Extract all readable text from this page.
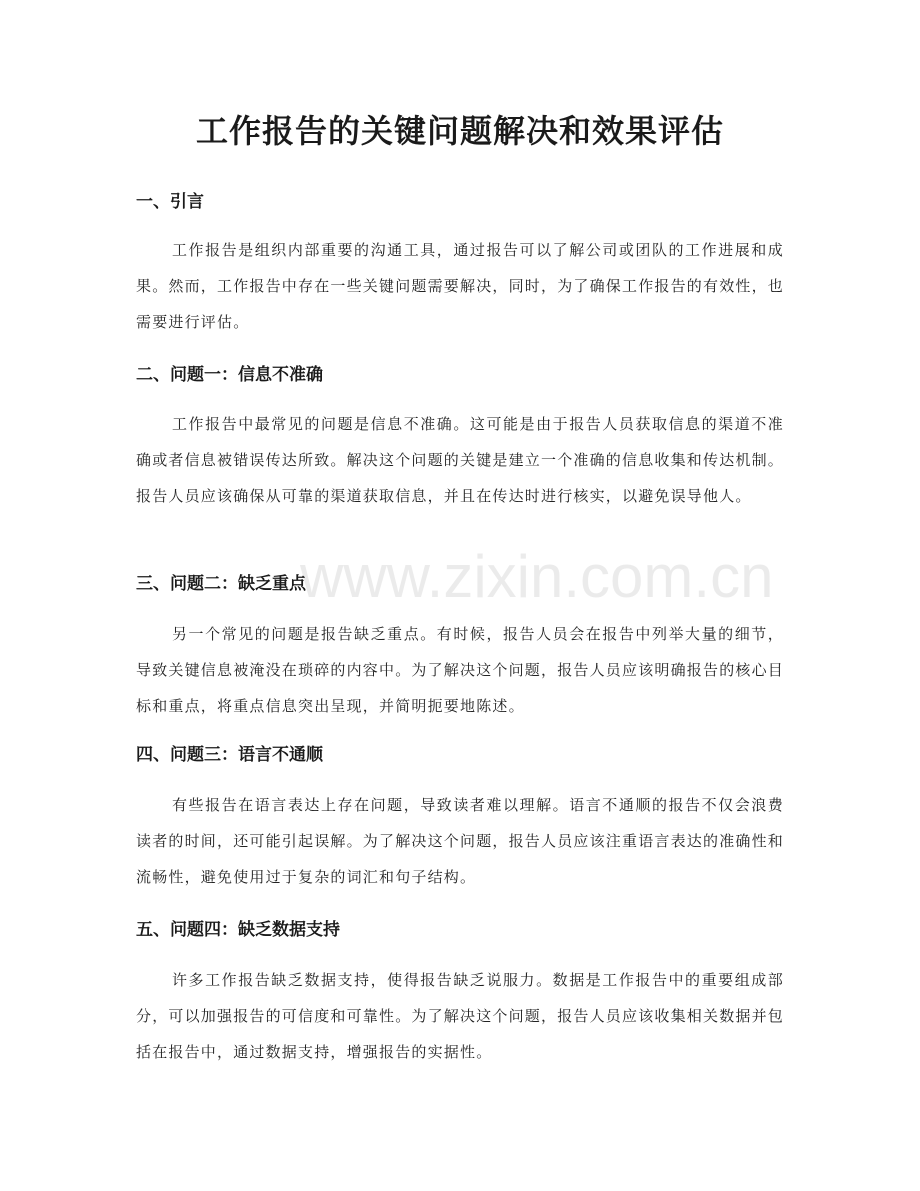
工作报告的关键问题解决和效果评估
一、引言

工作报告是组织内部重要的沟通工具，通过报告可以了解公司或团队的工作进展和成果。然而，工作报告中存在一些关键问题需要解决，同时，为了确保工作报告的有效性，也需要进行评估。

二、问题一：信息不准确

工作报告中最常见的问题是信息不准确。这可能是由于报告人员获取信息的渠道不准确或者信息被错误传达所致。解决这个问题的关键是建立一个准确的信息收集和传达机制。报告人员应该确保从可靠的渠道获取信息，并且在传达时进行核实，以避免误导他人。

三、问题二：缺乏重点

另一个常见的问题是报告缺乏重点。有时候，报告人员会在报告中列举大量的细节，导致关键信息被淹没在琐碎的内容中。为了解决这个问题，报告人员应该明确报告的核心目标和重点，将重点信息突出呈现，并简明扼要地陈述。

四、问题三：语言不通顺

有些报告在语言表达上存在问题，导致读者难以理解。语言不通顺的报告不仅会浪费读者的时间，还可能引起误解。为了解决这个问题，报告人员应该注重语言表达的准确性和流畅性，避免使用过于复杂的词汇和句子结构。

五、问题四：缺乏数据支持

许多工作报告缺乏数据支持，使得报告缺乏说服力。数据是工作报告中的重要组成部分，可以加强报告的可信度和可靠性。为了解决这个问题，报告人员应该收集相关数据并包括在报告中，通过数据支持，增强报告的实据性。

www.zixin.com.cn
